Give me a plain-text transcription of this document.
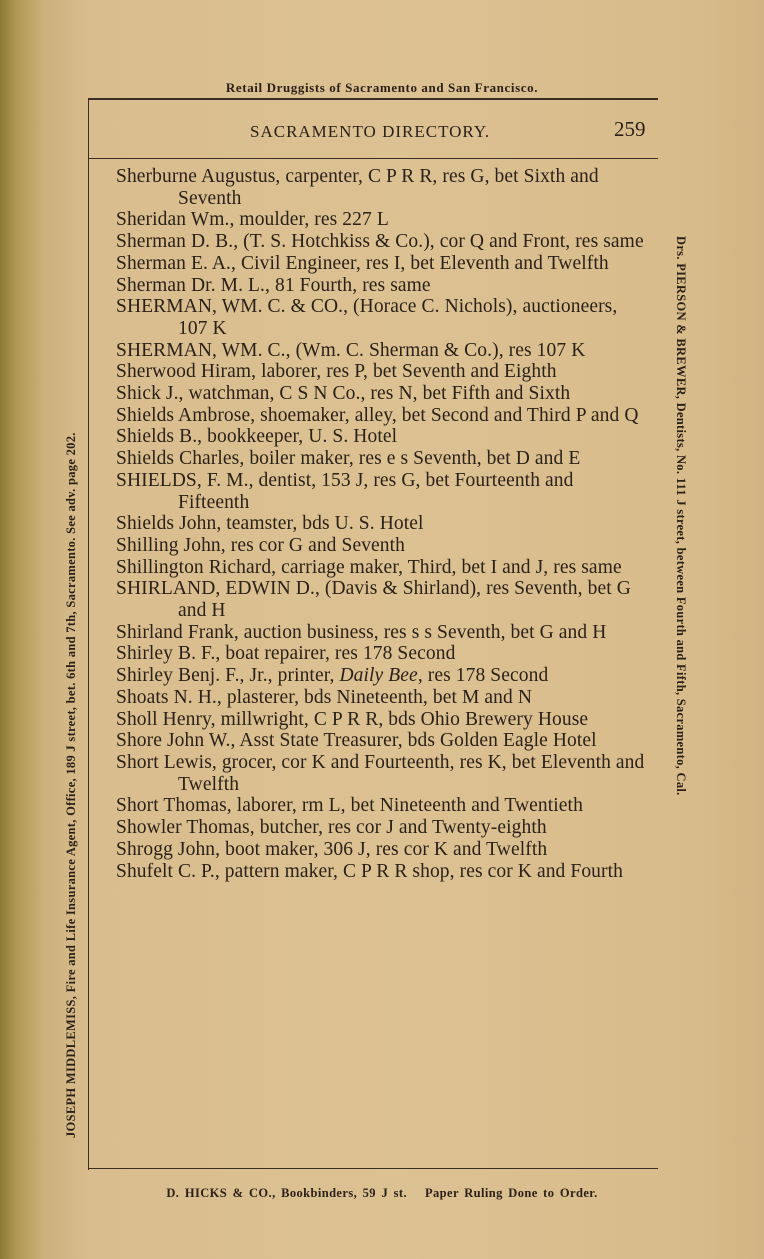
Retail Druggists of Sacramento and San Francisco.
SACRAMENTO DIRECTORY.	259
JOSEPH MIDDLEMISS, Fire and Life Insurance Agent, Office, 189 J street, bet. 6th and 7th, Sacramento. See adv. page 202.	Drs. PIERSON & BREWER, Dentists, No. 111 J street, between Fourth and Fifth, Sacramento, Cal.
Sherburne Augustus, carpenter, C P R R, res G, bet Sixth and Seventh
Sheridan Wm., moulder, res 227 L
Sherman D. B., (T. S. Hotchkiss & Co.), cor Q and Front, res same
Sherman E. A., Civil Engineer, res I, bet Eleventh and Twelfth
Sherman Dr. M. L., 81 Fourth, res same
SHERMAN, WM. C. & CO., (Horace C. Nichols), auctioneers, 107 K
SHERMAN, WM. C., (Wm. C. Sherman & Co.), res 107 K
Sherwood Hiram, laborer, res P, bet Seventh and Eighth
Shick J., watchman, C S N Co., res N, bet Fifth and Sixth
Shields Ambrose, shoemaker, alley, bet Second and Third P and Q
Shields B., bookkeeper, U. S. Hotel
Shields Charles, boiler maker, res e s Seventh, bet D and E
SHIELDS, F. M., dentist, 153 J, res G, bet Fourteenth and Fifteenth
Shields John, teamster, bds U. S. Hotel
Shilling John, res cor G and Seventh
Shillington Richard, carriage maker, Third, bet I and J, res same
SHIRLAND, EDWIN D., (Davis & Shirland), res Seventh, bet G and H
Shirland Frank, auction business, res s s Seventh, bet G and H
Shirley B. F., boat repairer, res 178 Second
Shirley Benj. F., Jr., printer, Daily Bee, res 178 Second
Shoats N. H., plasterer, bds Nineteenth, bet M and N
Sholl Henry, millwright, C P R R, bds Ohio Brewery House
Shore John W., Asst State Treasurer, bds Golden Eagle Hotel
Short Lewis, grocer, cor K and Fourteenth, res K, bet Eleventh and Twelfth
Short Thomas, laborer, rm L, bet Nineteenth and Twentieth
Showler Thomas, butcher, res cor J and Twenty-eighth
Shrogg John, boot maker, 306 J, res cor K and Twelfth
Shufelt C. P., pattern maker, C P R R shop, res cor K and Fourth
D. HICKS & CO., Bookbinders, 59 J st. Paper Ruling Done to Order.
